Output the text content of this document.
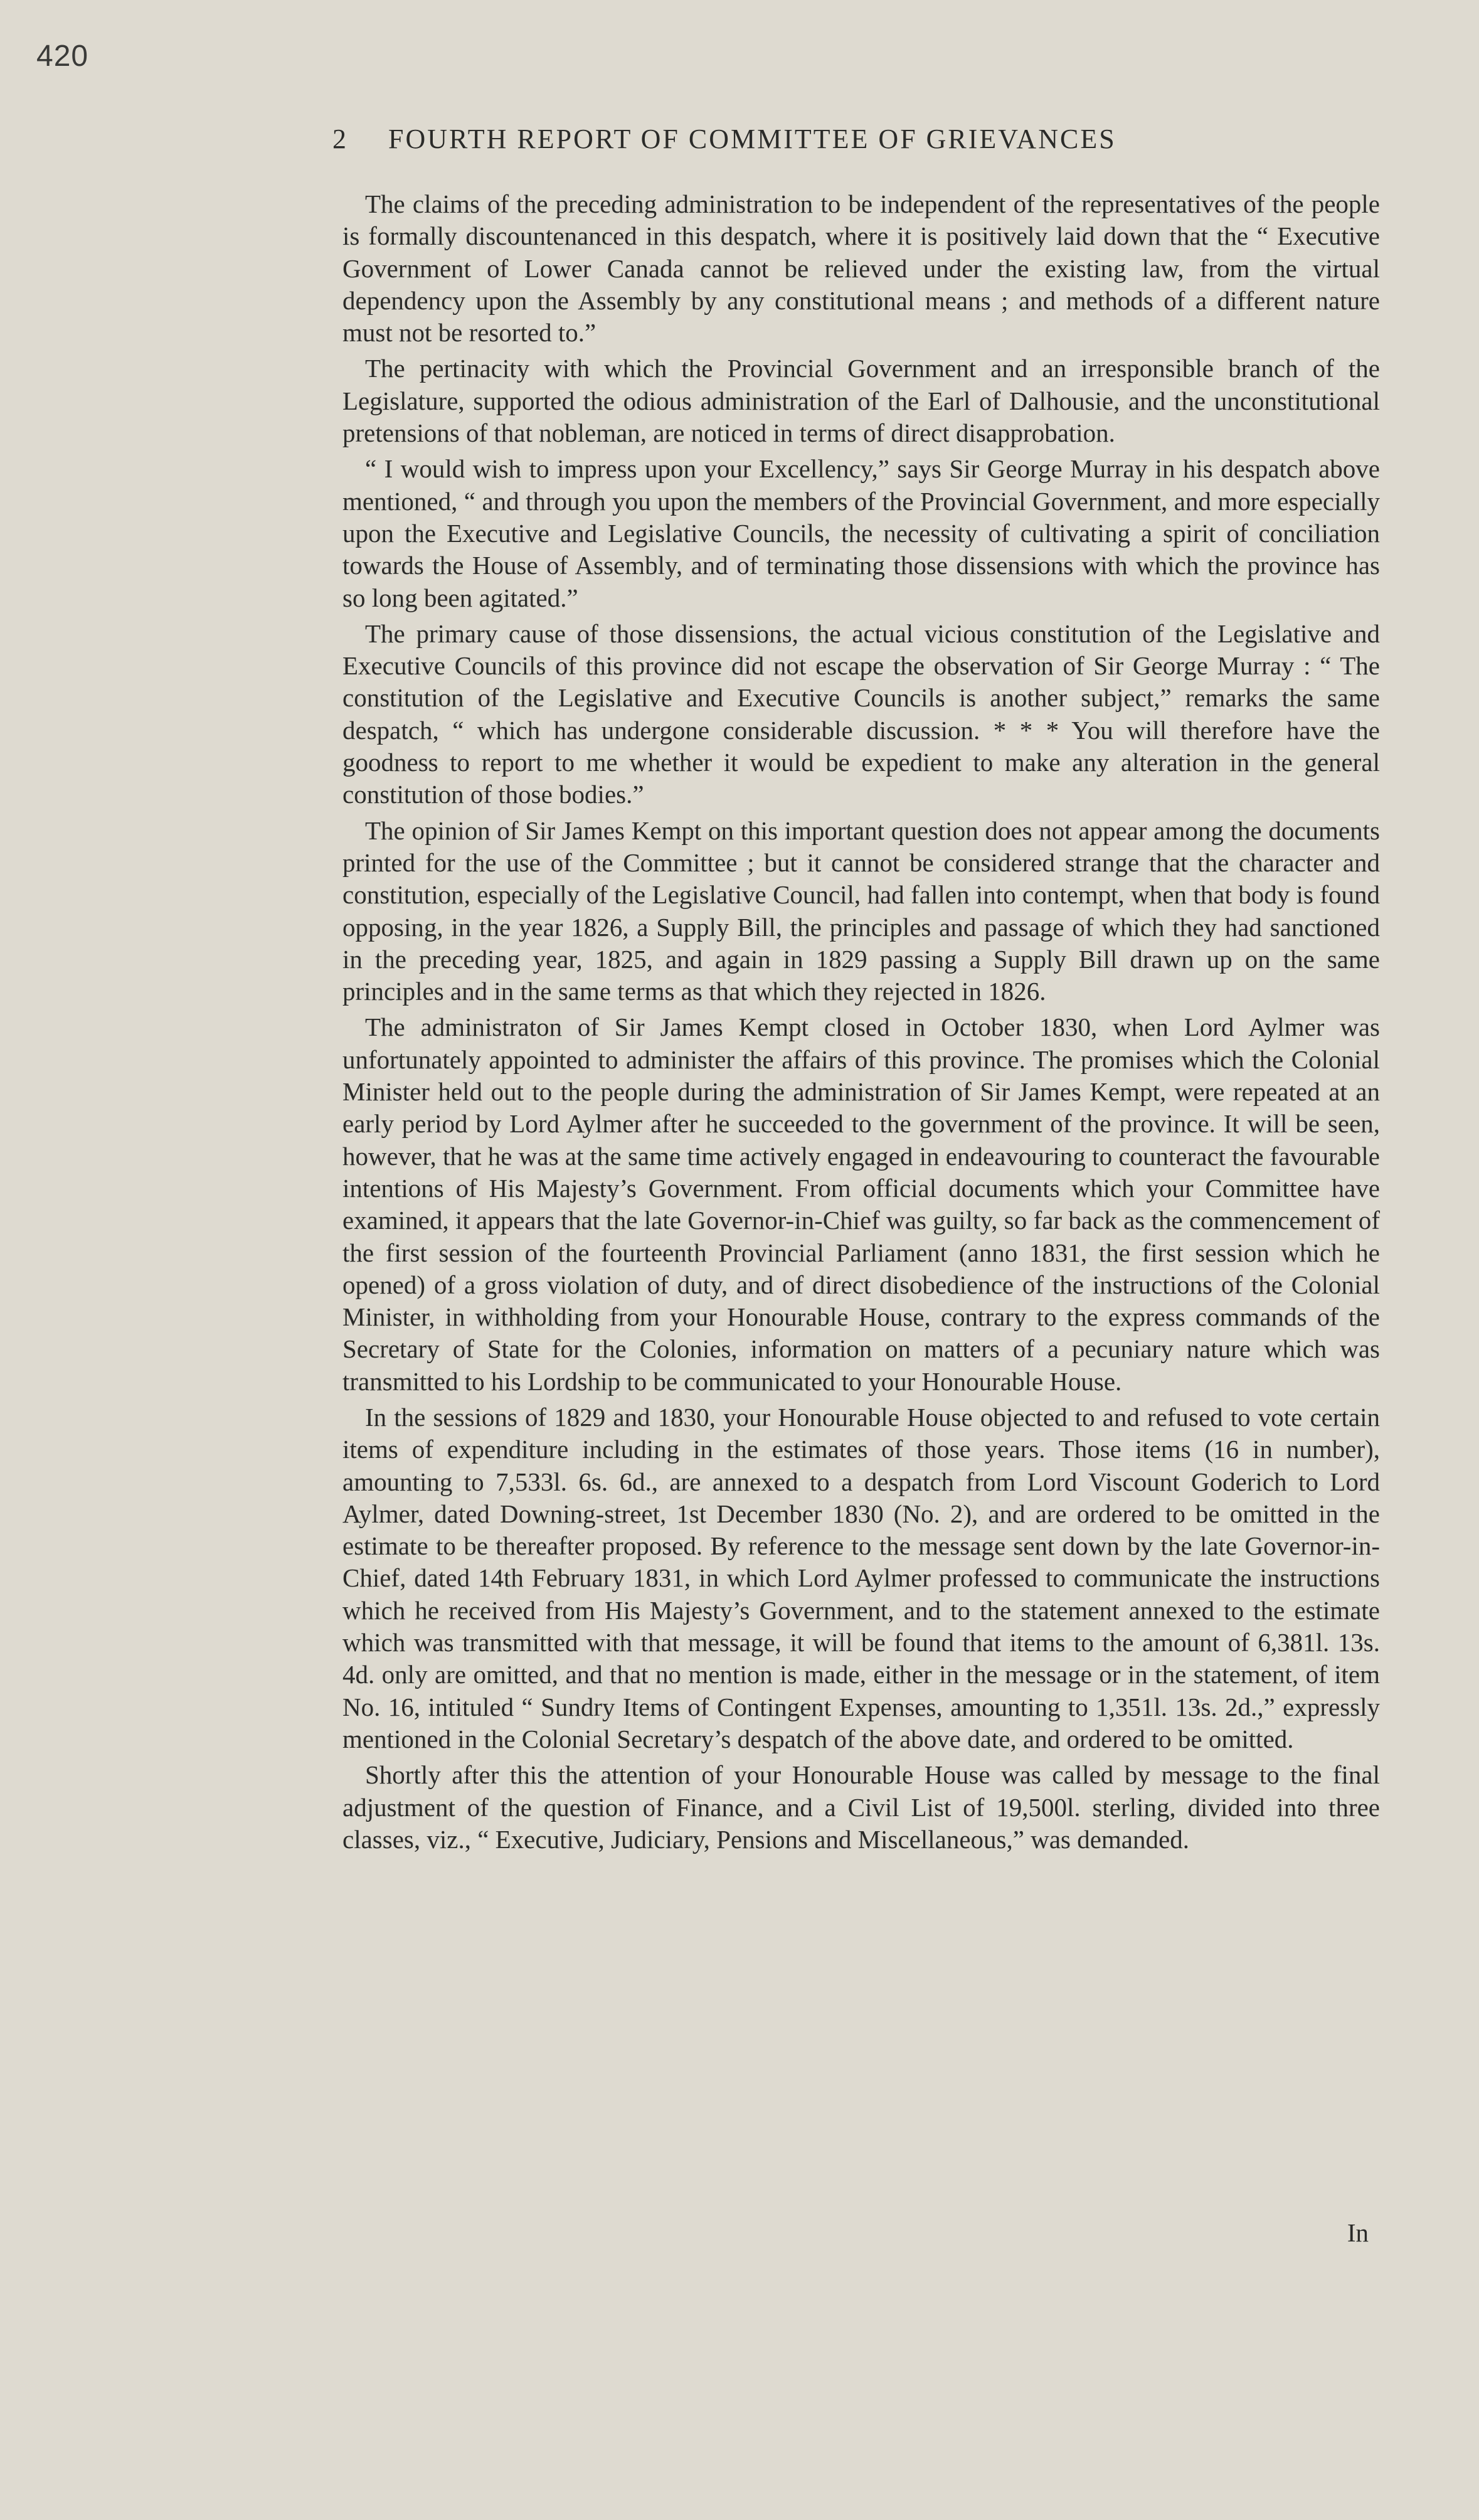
420
2 FOURTH REPORT OF COMMITTEE OF GRIEVANCES

The claims of the preceding administration to be independent of the representatives of the people is formally discountenanced in this despatch, where it is positively laid down that the “ Executive Government of Lower Canada cannot be relieved under the existing law, from the virtual dependency upon the Assembly by any constitutional means ; and methods of a different nature must not be resorted to.”

The pertinacity with which the Provincial Government and an irresponsible branch of the Legislature, supported the odious administration of the Earl of Dalhousie, and the unconstitutional pretensions of that nobleman, are noticed in terms of direct disapprobation.

“ I would wish to impress upon your Excellency,” says Sir George Murray in his despatch above mentioned, “ and through you upon the members of the Provincial Government, and more especially upon the Executive and Legislative Councils, the necessity of cultivating a spirit of conciliation towards the House of Assembly, and of terminating those dissensions with which the province has so long been agitated.”

The primary cause of those dissensions, the actual vicious constitution of the Legislative and Executive Councils of this province did not escape the observation of Sir George Murray : “ The constitution of the Legislative and Executive Councils is another subject,” remarks the same despatch, “ which has undergone considerable discussion. * * * You will therefore have the goodness to report to me whether it would be expedient to make any alteration in the general constitution of those bodies.”

The opinion of Sir James Kempt on this important question does not appear among the documents printed for the use of the Committee ; but it cannot be considered strange that the character and constitution, especially of the Legislative Council, had fallen into contempt, when that body is found opposing, in the year 1826, a Supply Bill, the principles and passage of which they had sanctioned in the preceding year, 1825, and again in 1829 passing a Supply Bill drawn up on the same principles and in the same terms as that which they rejected in 1826.

The administraton of Sir James Kempt closed in October 1830, when Lord Aylmer was unfortunately appointed to administer the affairs of this province. The promises which the Colonial Minister held out to the people during the administration of Sir James Kempt, were repeated at an early period by Lord Aylmer after he succeeded to the government of the province. It will be seen, however, that he was at the same time actively engaged in endeavouring to counteract the favourable intentions of His Majesty’s Government. From official documents which your Committee have examined, it appears that the late Governor-in-Chief was guilty, so far back as the commencement of the first session of the fourteenth Provincial Parliament (anno 1831, the first session which he opened) of a gross violation of duty, and of direct disobedience of the instructions of the Colonial Minister, in withholding from your Honourable House, contrary to the express commands of the Secretary of State for the Colonies, information on matters of a pecuniary nature which was transmitted to his Lordship to be communicated to your Honourable House.

In the sessions of 1829 and 1830, your Honourable House objected to and refused to vote certain items of expenditure including in the estimates of those years. Those items (16 in number), amounting to 7,533l. 6s. 6d., are annexed to a despatch from Lord Viscount Goderich to Lord Aylmer, dated Downing-street, 1st December 1830 (No. 2), and are ordered to be omitted in the estimate to be thereafter proposed. By reference to the message sent down by the late Governor-in-Chief, dated 14th February 1831, in which Lord Aylmer professed to communicate the instructions which he received from His Majesty’s Government, and to the statement annexed to the estimate which was transmitted with that message, it will be found that items to the amount of 6,381l. 13s. 4d. only are omitted, and that no mention is made, either in the message or in the statement, of item No. 16, intituled “ Sundry Items of Contingent Expenses, amounting to 1,351l. 13s. 2d.,” expressly mentioned in the Colonial Secretary’s despatch of the above date, and ordered to be omitted.

Shortly after this the attention of your Honourable House was called by message to the final adjustment of the question of Finance, and a Civil List of 19,500l. sterling, divided into three classes, viz., “ Executive, Judiciary, Pensions and Miscellaneous,” was demanded.

In
